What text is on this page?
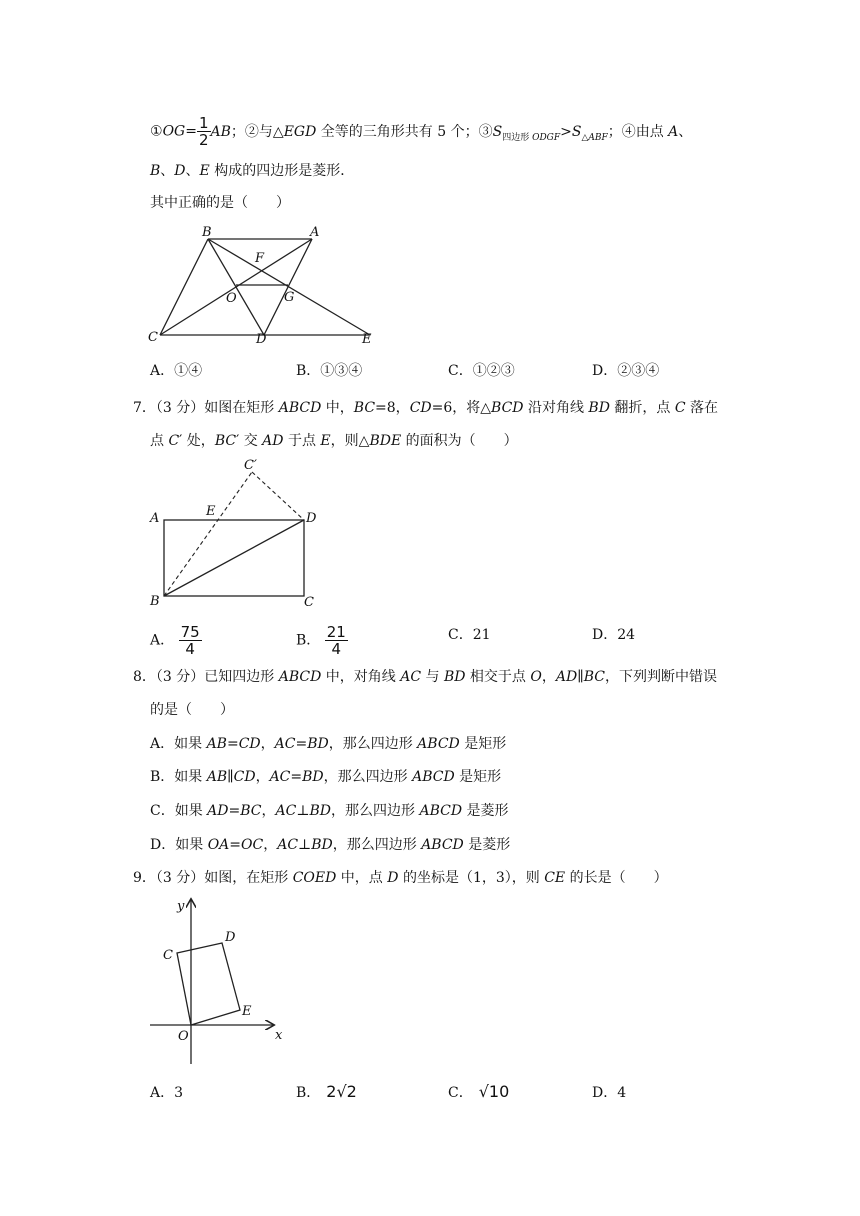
①OG= $\frac{1}{2}$ AB；②与△EGD 全等的三角形共有 5 个；$③S_{四边形 ODGF}>S_{\triangle ABF}$；④由点 A、
B、D、E 构成的四边形是菱形．
其中正确的是（　　）
B	A
F
O	G
C	D	E
A．①④	B．①③④	C．①②③	D．②③④
7．（3 分）如图在矩形 ABCD 中，BC=8，CD=6，将△BCD 沿对角线 BD 翻折，点 C 落在
点 C′ 处，BC′ 交 AD 于点 E，则△BDE 的面积为（　　）
C′
A	E	D
B	C
A． $\frac{75}{4}$	B． $\frac{21}{4}$	C．21	D．24
8．（3 分）已知四边形 ABCD 中，对角线 AC 与 BD 相交于点 O，AD∥BC，下列判断中错误
的是（　　）
A．如果 AB=CD，AC=BD，那么四边形 ABCD 是矩形
B．如果 AB∥CD，AC=BD，那么四边形 ABCD 是矩形
C．如果 AD=BC，AC⊥BD，那么四边形 ABCD 是菱形
D．如果 OA=OC，AC⊥BD，那么四边形 ABCD 是菱形
9．（3 分）如图，在矩形 COED 中，点 D 的坐标是（1，3），则 CE 的长是（　　）
y
D
C
E
O	x
A．3	B． 2√2	C． √10	D．4
